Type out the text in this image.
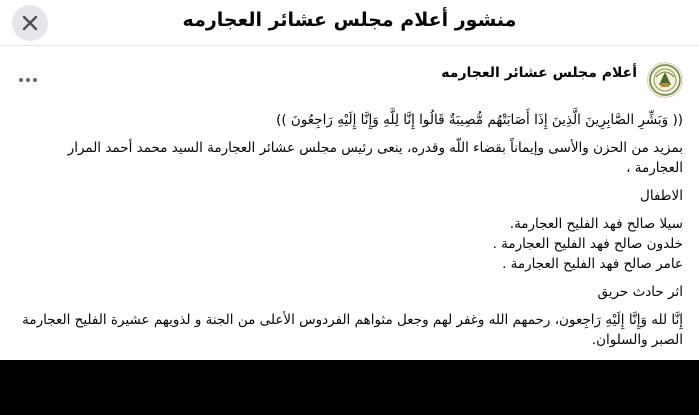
منشور أعلام مجلس عشائر العجارمه
أعلام مجلس عشائر العجارمه

(( وَبَشِّرِ الصَّابِرِينَ الَّذِينَ إِذَا أَصَابَتْهُم مُّصِيبَةٌ قَالُوا إِنَّا لِلَّهِ وَإِنَّا إِلَيْهِ رَاجِعُونَ ))

بمزيد من الحزن والأسى وإيماناً بقضاء اللّه وقدره، ينعى رئيس مجلس عشائر العجارمة السيد محمد أحمد المرار العجارمة ،

الاطفال

سيلا صالح فهد الفليح العجارمة.
خلدون صالح فهد الفليح العجارمة .
عامر صالح فهد الفليح العجارمة .

اثر حادث حريق

إِنَّا لله وَإِنَّا إِلَيْهِ رَاجِعون، رحمهم الله وغفر لهم وجعل مثواهم الفردوس الأعلى من الجنة و لذويهم عشيرة الفليح العجارمة الصبر والسلوان.
